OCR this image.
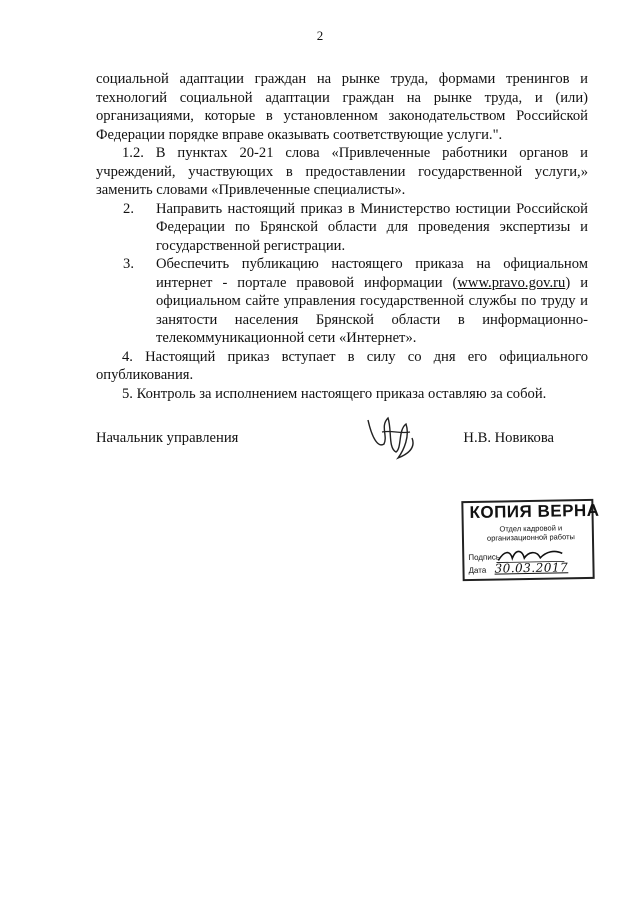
2

социальной адаптации граждан на рынке труда, формами тренингов и технологий социальной адаптации граждан на рынке труда, и (или) организациями, которые в установленном законодательством Российской Федерации порядке вправе оказывать соответствующие услуги.".

1.2. В пунктах 20-21 слова «Привлеченные работники органов и учреждений, участвующих в предоставлении государственной услуги,» заменить словами «Привлеченные специалисты».

2.	Направить настоящий приказ в Министерство юстиции Российской Федерации по Брянской области для проведения экспертизы и государственной регистрации.
3.	Обеспечить публикацию настоящего приказа на официальном интернет - портале правовой информации (www.pravo.gov.ru) и официальном сайте управления государственной службы по труду и занятости населения Брянской области в информационно-телекоммуникационной сети «Интернет».

4. Настоящий приказ вступает в силу со дня его официального опубликования.

5. Контроль за исполнением настоящего приказа оставляю за собой.

Начальник управления	Н.В. Новикова
КОПИЯ ВЕРНА
Отдел кадровой и организационной работы
Подпись
Дата 30.03.2017
